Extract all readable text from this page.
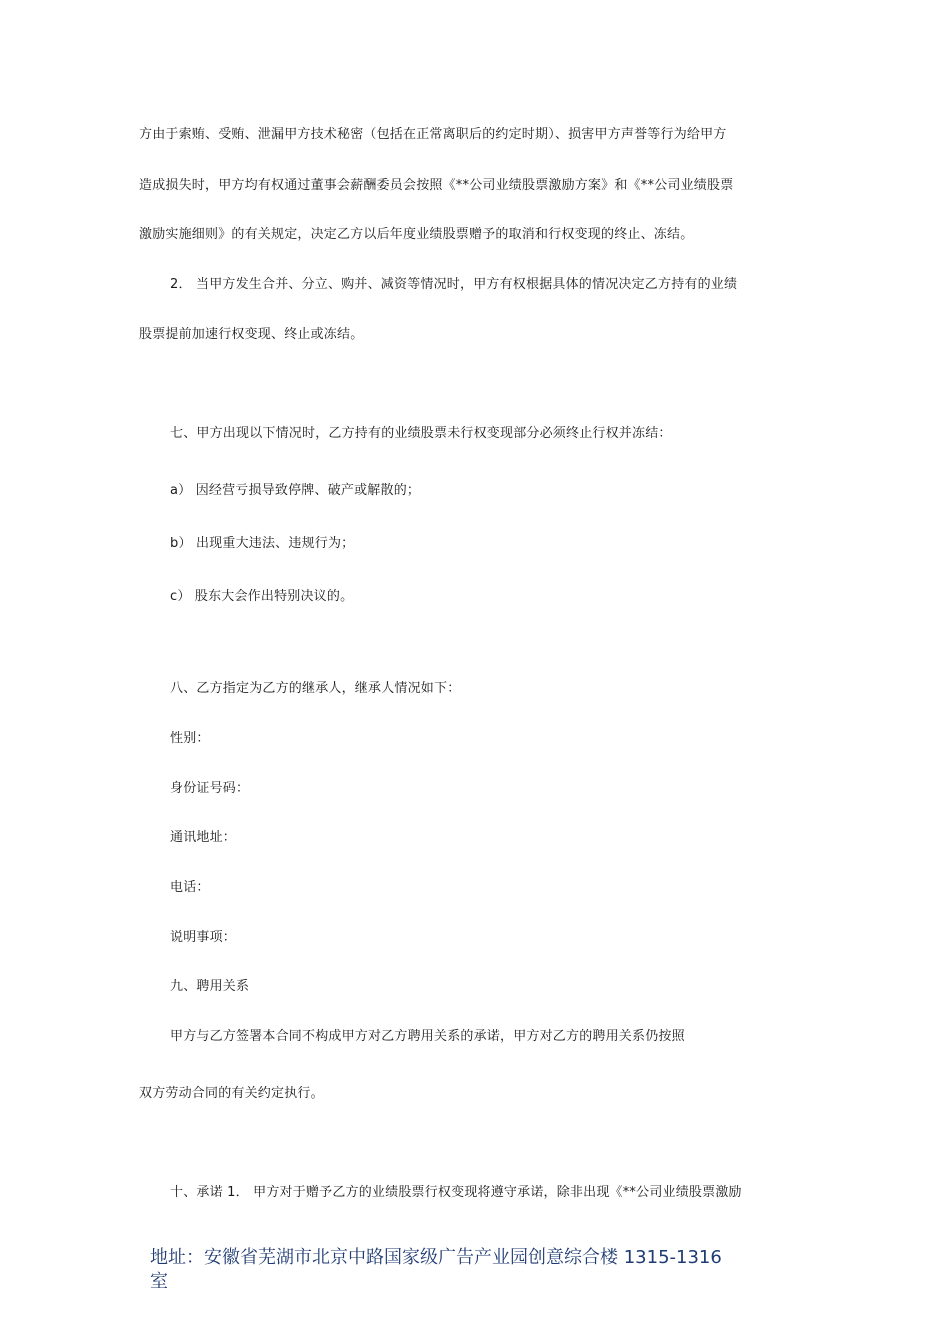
方由于索贿、受贿、泄漏甲方技术秘密（包括在正常离职后的约定时期）、损害甲方声誉等行为给甲方
造成损失时，甲方均有权通过董事会薪酬委员会按照《**公司业绩股票激励方案》和《**公司业绩股票
激励实施细则》的有关规定，决定乙方以后年度业绩股票赠予的取消和行权变现的终止、冻结。
2． 当甲方发生合并、分立、购并、减资等情况时，甲方有权根据具体的情况决定乙方持有的业绩
股票提前加速行权变现、终止或冻结。
七、甲方出现以下情况时，乙方持有的业绩股票未行权变现部分必须终止行权并冻结：
a） 因经营亏损导致停牌、破产或解散的；
b） 出现重大违法、违规行为；
c） 股东大会作出特别决议的。
八、乙方指定为乙方的继承人，继承人情况如下：
性别：
身份证号码：
通讯地址：
电话：
说明事项：
九、聘用关系
甲方与乙方签署本合同不构成甲方对乙方聘用关系的承诺，甲方对乙方的聘用关系仍按照
双方劳动合同的有关约定执行。
十、承诺 1． 甲方对于赠予乙方的业绩股票行权变现将遵守承诺，除非出现《**公司业绩股票激励
地址：安徽省芜湖市北京中路国家级广告产业园创意综合楼 1315-1316
室
